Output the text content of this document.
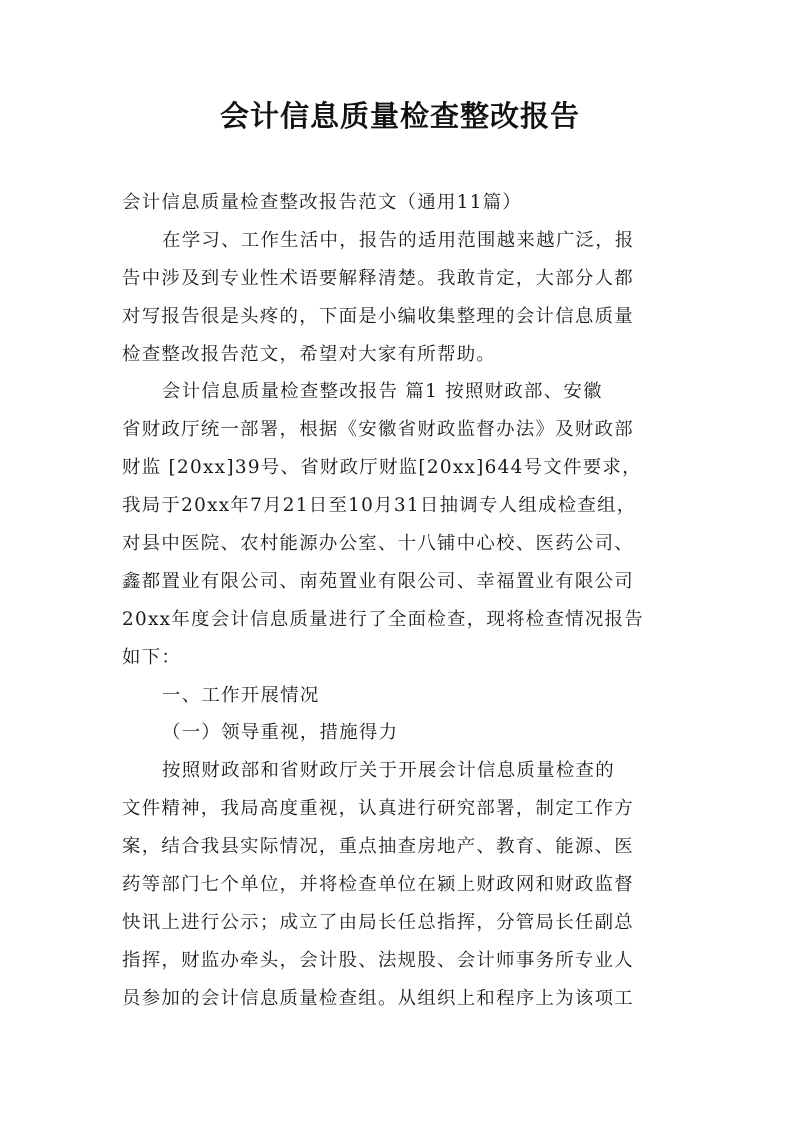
会计信息质量检查整改报告
会计信息质量检查整改报告范文（通用11篇）
在学习、工作生活中，报告的适用范围越来越广泛，报
告中涉及到专业性术语要解释清楚。我敢肯定，大部分人都
对写报告很是头疼的，下面是小编收集整理的会计信息质量
检查整改报告范文，希望对大家有所帮助。
会计信息质量检查整改报告 篇1 按照财政部、安徽
省财政厅统一部署，根据《安徽省财政监督办法》及财政部
财监 [20xx]39号、省财政厅财监[20xx]644号文件要求，
我局于20xx年7月21日至10月31日抽调专人组成检查组，
对县中医院、农村能源办公室、十八铺中心校、医药公司、
鑫都置业有限公司、南苑置业有限公司、幸福置业有限公司
20xx年度会计信息质量进行了全面检查，现将检查情况报告
如下：
一、工作开展情况
（一）领导重视，措施得力
按照财政部和省财政厅关于开展会计信息质量检查的
文件精神，我局高度重视，认真进行研究部署，制定工作方
案，结合我县实际情况，重点抽查房地产、教育、能源、医
药等部门七个单位，并将检查单位在颍上财政网和财政监督
快讯上进行公示；成立了由局长任总指挥，分管局长任副总
指挥，财监办牵头，会计股、法规股、会计师事务所专业人
员参加的会计信息质量检查组。从组织上和程序上为该项工
